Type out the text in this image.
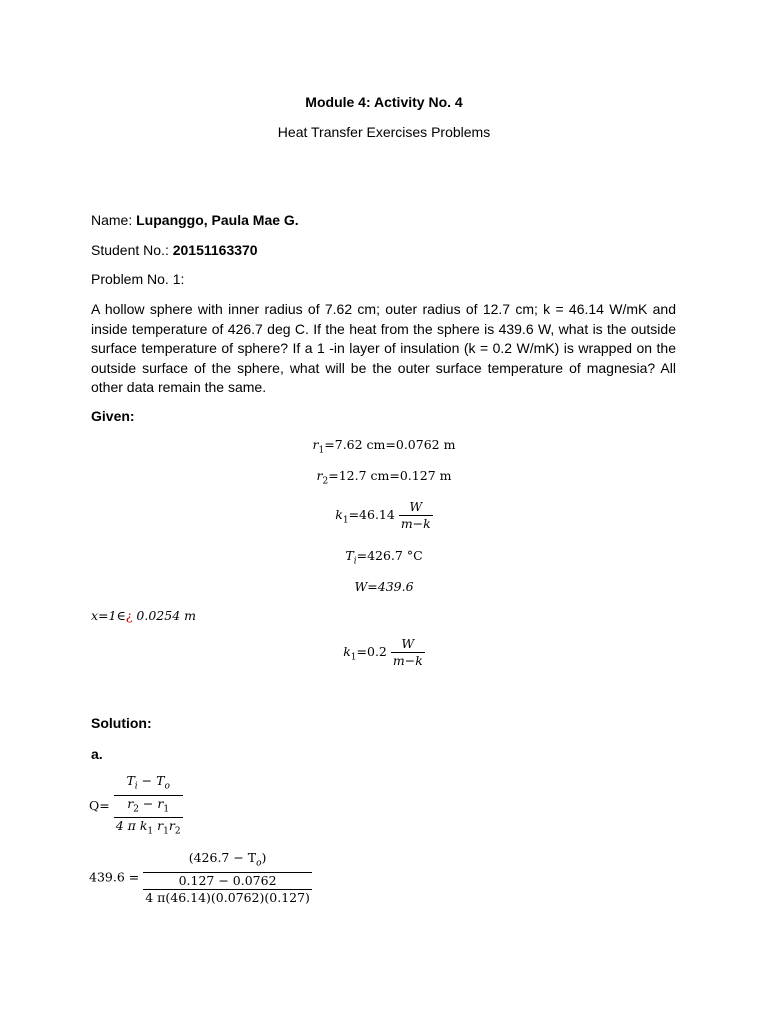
Module 4: Activity No. 4
Heat Transfer Exercises Problems
Name: Lupanggo, Paula Mae G.
Student No.: 20151163370
Problem No. 1:
A hollow sphere with inner radius of 7.62 cm; outer radius of 12.7 cm; k = 46.14 W/mK and inside temperature of 426.7 deg C. If the heat from the sphere is 439.6 W, what is the outside surface temperature of sphere? If a 1 -in layer of insulation (k = 0.2 W/mK) is wrapped on the outside surface of the sphere, what will be the outer surface temperature of magnesia? All other data remain the same.
Given:
$r_1=7.62$ cm=0.0762 m
$r_2=12.7$ cm=0.127 m
$k_1=46.14 \frac{W}{m-k}$
$T_i=426.7$ °C
W=439.6
x=1∈¿ 0.0254 m
$k_1=0.2 \frac{W}{m-k}$
Solution:
a.
Q=
$T_i - T_o$
$r_2 - r_1$
4 π $k_1$ $r_1r_2$
439.6 =
$(426.7 - T_o)$
0.127 − 0.0762
4 π(46.14)(0.0762)(0.127)
